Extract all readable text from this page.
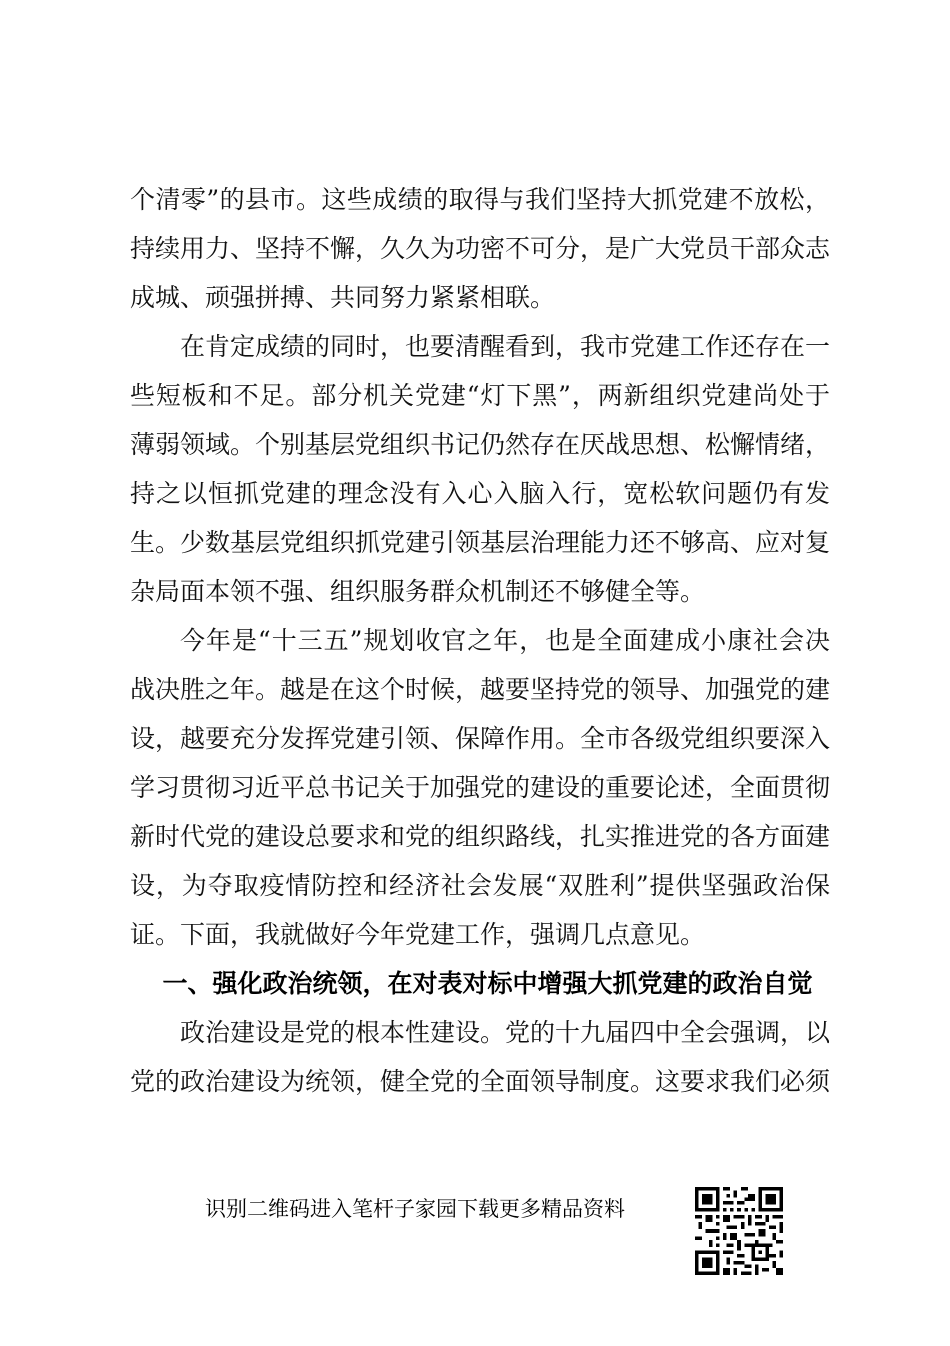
个清零”的县市。这些成绩的取得与我们坚持大抓党建不放松，持续用力、坚持不懈，久久为功密不可分，是广大党员干部众志成城、顽强拼搏、共同努力紧紧相联。

在肯定成绩的同时，也要清醒看到，我市党建工作还存在一些短板和不足。部分机关党建“灯下黑”，两新组织党建尚处于薄弱领域。个别基层党组织书记仍然存在厌战思想、松懈情绪，持之以恒抓党建的理念没有入心入脑入行，宽松软问题仍有发生。少数基层党组织抓党建引领基层治理能力还不够高、应对复杂局面本领不强、组织服务群众机制还不够健全等。

今年是“十三五”规划收官之年，也是全面建成小康社会决战决胜之年。越是在这个时候，越要坚持党的领导、加强党的建设，越要充分发挥党建引领、保障作用。全市各级党组织要深入学习贯彻习近平总书记关于加强党的建设的重要论述，全面贯彻新时代党的建设总要求和党的组织路线，扎实推进党的各方面建设，为夺取疫情防控和经济社会发展“双胜利”提供坚强政治保证。下面，我就做好今年党建工作，强调几点意见。

一、强化政治统领，在对表对标中增强大抓党建的政治自觉

政治建设是党的根本性建设。党的十九届四中全会强调，以党的政治建设为统领，健全党的全面领导制度。这要求我们必须

识别二维码进入笔杆子家园下载更多精品资料
